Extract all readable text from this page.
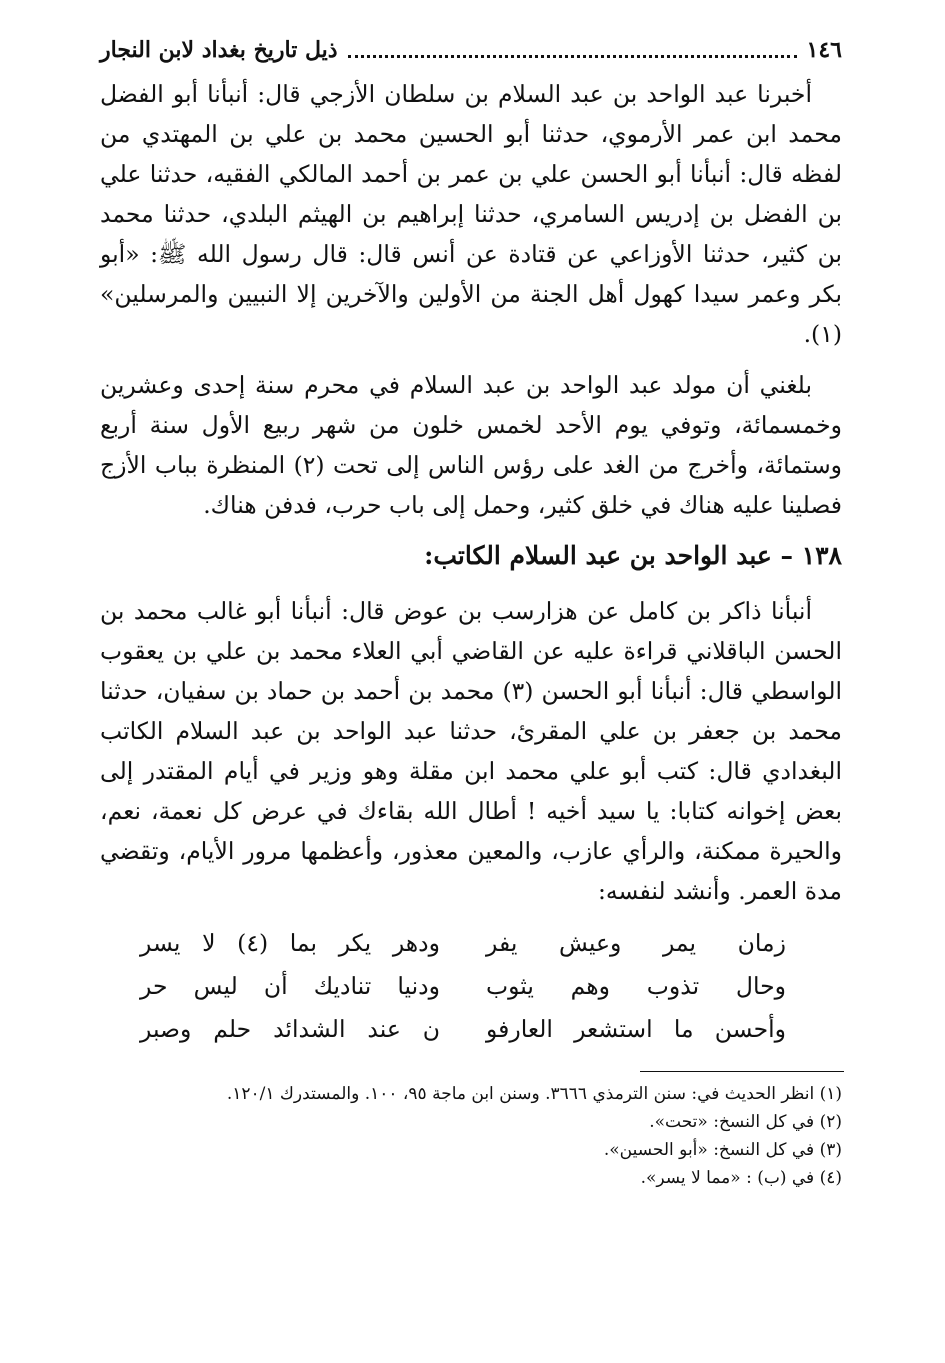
١٤٦
ذيل تاريخ بغداد لابن النجار

أخبرنا عبد الواحد بن عبد السلام بن سلطان الأزجي قال: أنبأنا أبو الفضل محمد ابن عمر الأرموي، حدثنا أبو الحسين محمد بن علي بن المهتدي من لفظه قال: أنبأنا أبو الحسن علي بن عمر بن أحمد المالكي الفقيه، حدثنا علي بن الفضل بن إدريس السامري، حدثنا إبراهيم بن الهيثم البلدي، حدثنا محمد بن كثير، حدثنا الأوزاعي عن قتادة عن أنس قال: قال رسول الله ﷺ: «أبو بكر وعمر سيدا كهول أهل الجنة من الأولين والآخرين إلا النبيين والمرسلين» (١).

بلغني أن مولد عبد الواحد بن عبد السلام في محرم سنة إحدى وعشرين وخمسمائة، وتوفي يوم الأحد لخمس خلون من شهر ربيع الأول سنة أربع وستمائة، وأخرج من الغد على رؤس الناس إلى تحت (٢) المنظرة بباب الأزج فصلينا عليه هناك في خلق كثير، وحمل إلى باب حرب، فدفن هناك.

١٣٨ – عبد الواحد بن عبد السلام الكاتب:

أنبأنا ذاكر بن كامل عن هزارسب بن عوض قال: أنبأنا أبو غالب محمد بن الحسن الباقلاني قراءة عليه عن القاضي أبي العلاء محمد بن علي بن يعقوب الواسطي قال: أنبأنا أبو الحسن (٣) محمد بن أحمد بن حماد بن سفيان، حدثنا محمد بن جعفر بن علي المقرئ، حدثنا عبد الواحد بن عبد السلام الكاتب البغدادي قال: كتب أبو علي محمد ابن مقلة وهو وزير في أيام المقتدر إلى بعض إخوانه كتابا: يا سيد أخيه ! أطال الله بقاءك في عرض كل نعمة، نعم، والحيرة ممكنة، والرأي عازب، والمعين معذور، وأعظمها مرور الأيام، وتقضي مدة العمر. وأنشد لنفسه:

زمان يمر وعيش يفر
ودهر يكر بما (٤) لا يسر
وحال تذوب وهم يثوب
ودنيا تناديك أن ليس حر
وأحسن ما استشعر العارفو
ن عند الشدائد حلم وصبر
(١) انظر الحديث في: سنن الترمذي ٣٦٦٦. وسنن ابن ماجة ٩٥، ١٠٠. والمستدرك ١٢٠/١.
(٢) في كل النسخ: «تحت».
(٣) في كل النسخ: «أبو الحسين».
(٤) في (ب) : «مما لا يسر».
